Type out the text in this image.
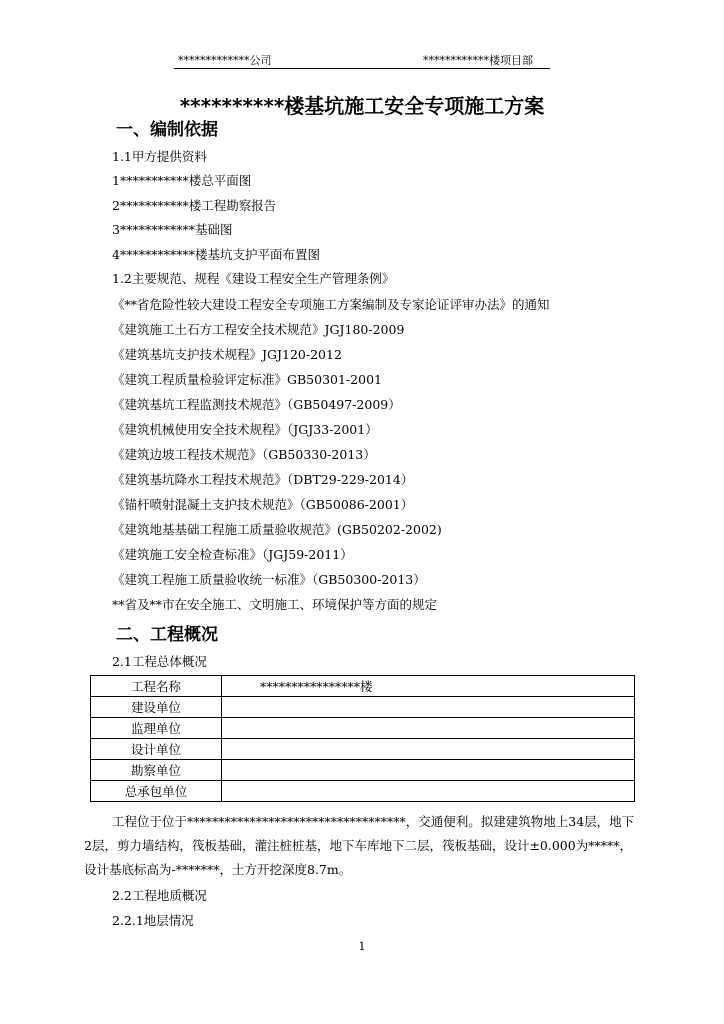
*************公司	************楼项目部
**********楼基坑施工安全专项施工方案
一、编制依据
1.1甲方提供资料
1***********楼总平面图
2***********楼工程勘察报告
3************基础图
4************楼基坑支护平面布置图
1.2主要规范、规程《建设工程安全生产管理条例》
《**省危险性较大建设工程安全专项施工方案编制及专家论证评审办法》的通知
《建筑施工土石方工程安全技术规范》JGJ180-2009
《建筑基坑支护技术规程》JGJ120-2012
《建筑工程质量检验评定标准》GB50301-2001
《建筑基坑工程监测技术规范》（GB50497-2009）
《建筑机械使用安全技术规程》（JGJ33-2001）
《建筑边坡工程技术规范》（GB50330-2013）
《建筑基坑降水工程技术规范》（DBT29-229-2014）
《锚杆喷射混凝土支护技术规范》（GB50086-2001）
《建筑地基基础工程施工质量验收规范》(GB50202-2002)
《建筑施工安全检查标准》（JGJ59-2011）
《建筑工程施工质量验收统一标准》（GB50300-2013）
**省及**市在安全施工、文明施工、环境保护等方面的规定
二、工程概况
2.1工程总体概况
工程名称	****************楼
建设单位	
监理单位	
设计单位	
勘察单位	
总承包单位	
工程位于位于***********************************，交通便利。拟建建筑物地上34层，地下2层，剪力墙结构，筏板基础，灌注桩桩基，地下车库地下二层，筏板基础，设计±0.000为*****，设计基底标高为-*******，土方开挖深度8.7m。
2.2工程地质概况
2.2.1地层情况
1
